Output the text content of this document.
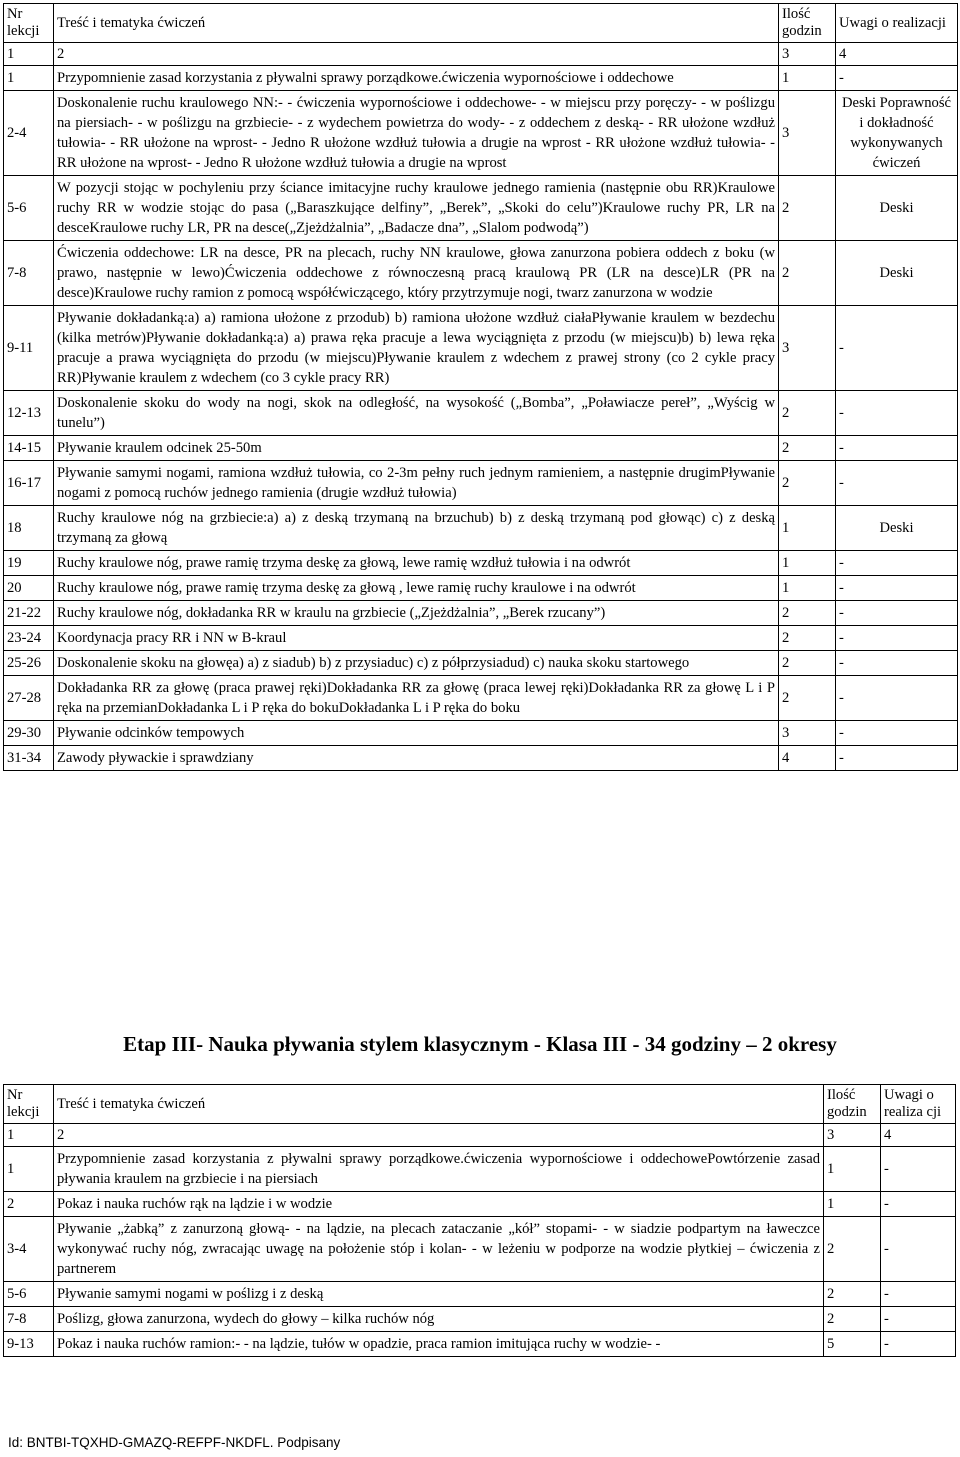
Nr lekcji	Treść i tematyka ćwiczeń	Ilość godzin	Uwagi o realizacji
1	2	3	4
1	Przypomnienie zasad korzystania z pływalni sprawy porządkowe.ćwiczenia wypornościowe i oddechowe	1	-
2-4	Doskonalenie ruchu kraulowego NN:- - ćwiczenia wypornościowe i oddechowe- - w miejscu przy poręczy- - w poślizgu na piersiach- - w poślizgu na grzbiecie- - z wydechem powietrza do wody- - z oddechem z deską- - RR ułożone wzdłuż tułowia- - RR ułożone na wprost- - Jedno R ułożone wzdłuż tułowia a drugie na wprost - RR ułożone wzdłuż tułowia- - RR ułożone na wprost- - Jedno R ułożone wzdłuż tułowia a drugie na wprost	3	Deski Poprawność i dokładność wykonywanych ćwiczeń
5-6	W pozycji stojąc w pochyleniu przy ściance imitacyjne ruchy kraulowe jednego ramienia (następnie obu RR)Kraulowe ruchy RR w wodzie stojąc do pasa („Baraszkujące delfiny”, „Berek”, „Skoki do celu”)Kraulowe ruchy PR, LR na desceKraulowe ruchy LR, PR na desce(„Zjeżdżalnia”, „Badacze dna”, „Slalom podwodą”)	2	Deski
7-8	Ćwiczenia oddechowe: LR na desce, PR na plecach, ruchy NN kraulowe, głowa zanurzona pobiera oddech z boku (w prawo, następnie w lewo)Ćwiczenia oddechowe z równoczesną pracą kraulową PR (LR na desce)LR (PR na desce)Kraulowe ruchy ramion z pomocą współćwiczącego, który przytrzymuje nogi, twarz zanurzona w wodzie	2	Deski
9-11	Pływanie dokładanką:a) a) ramiona ułożone z przodub) b) ramiona ułożone wzdłuż ciałaPływanie kraulem w bezdechu (kilka metrów)Pływanie dokładanką:a) a) prawa ręka pracuje a lewa wyciągnięta z przodu (w miejscu)b) b) lewa ręka pracuje a prawa wyciągnięta do przodu (w miejscu)Pływanie kraulem z wdechem z prawej strony (co 2 cykle pracy RR)Pływanie kraulem z wdechem (co 3 cykle pracy RR)	3	-
12-13	Doskonalenie skoku do wody na nogi, skok na odległość, na wysokość („Bomba”, „Poławiacze pereł”, „Wyścig w tunelu”)	2	-
14-15	Pływanie kraulem odcinek 25-50m	2	-
16-17	Pływanie samymi nogami, ramiona wzdłuż tułowia, co 2-3m pełny ruch jednym ramieniem, a następnie drugimPływanie nogami z pomocą ruchów jednego ramienia (drugie wzdłuż tułowia)	2	-
18	Ruchy kraulowe nóg na grzbiecie:a) a) z deską trzymaną na brzuchub) b) z deską trzymaną pod głowąc) c) z deską trzymaną za głową	1	Deski
19	Ruchy kraulowe nóg, prawe ramię trzyma deskę za głową, lewe ramię wzdłuż tułowia i na odwrót	1	-
20	Ruchy kraulowe nóg, prawe ramię trzyma deskę za głową , lewe ramię ruchy kraulowe i na odwrót	1	-
21-22	Ruchy kraulowe nóg, dokładanka RR w kraulu na grzbiecie („Zjeżdżalnia”, „Berek rzucany”)	2	-
23-24	Koordynacja pracy RR i NN w B-kraul	2	-
25-26	Doskonalenie skoku na głowęa) a) z siadub) b) z przysiaduc) c) z półprzysiadud) c) nauka skoku startowego	2	-
27-28	Dokładanka RR za głowę (praca prawej ręki)Dokładanka RR za głowę (praca lewej ręki)Dokładanka RR za głowę L i P ręka na przemianDokładanka L i P ręka do bokuDokładanka L i P ręka do boku	2	-
29-30	Pływanie odcinków tempowych	3	-
31-34	Zawody pływackie i sprawdziany	4	-
Etap III- Nauka pływania stylem klasycznym - Klasa III - 34 godziny – 2 okresy
Nr lekcji	Treść i tematyka ćwiczeń	Ilość godzin	Uwagi o realiza cji
1	2	3	4
1	Przypomnienie zasad korzystania z pływalni sprawy porządkowe.ćwiczenia wypornościowe i oddechowePowtórzenie zasad pływania kraulem na grzbiecie i na piersiach	1	-
2	Pokaz i nauka ruchów rąk na lądzie i w wodzie	1	-
3-4	Pływanie „żabką” z zanurzoną głową- - na lądzie, na plecach zataczanie „kół” stopami- - w siadzie podpartym na ławeczce wykonywać ruchy nóg, zwracając uwagę na położenie stóp i kolan- - w leżeniu w podporze na wodzie płytkiej – ćwiczenia z partnerem	2	-
5-6	Pływanie samymi nogami w poślizg i z deską	2	-
7-8	Poślizg, głowa zanurzona, wydech do głowy – kilka ruchów nóg	2	-
9-13	Pokaz i nauka ruchów ramion:- - na lądzie, tułów w opadzie, praca ramion imitująca ruchy w wodzie- -	5	-
Id: BNTBI-TQXHD-GMAZQ-REFPF-NKDFL. Podpisany
